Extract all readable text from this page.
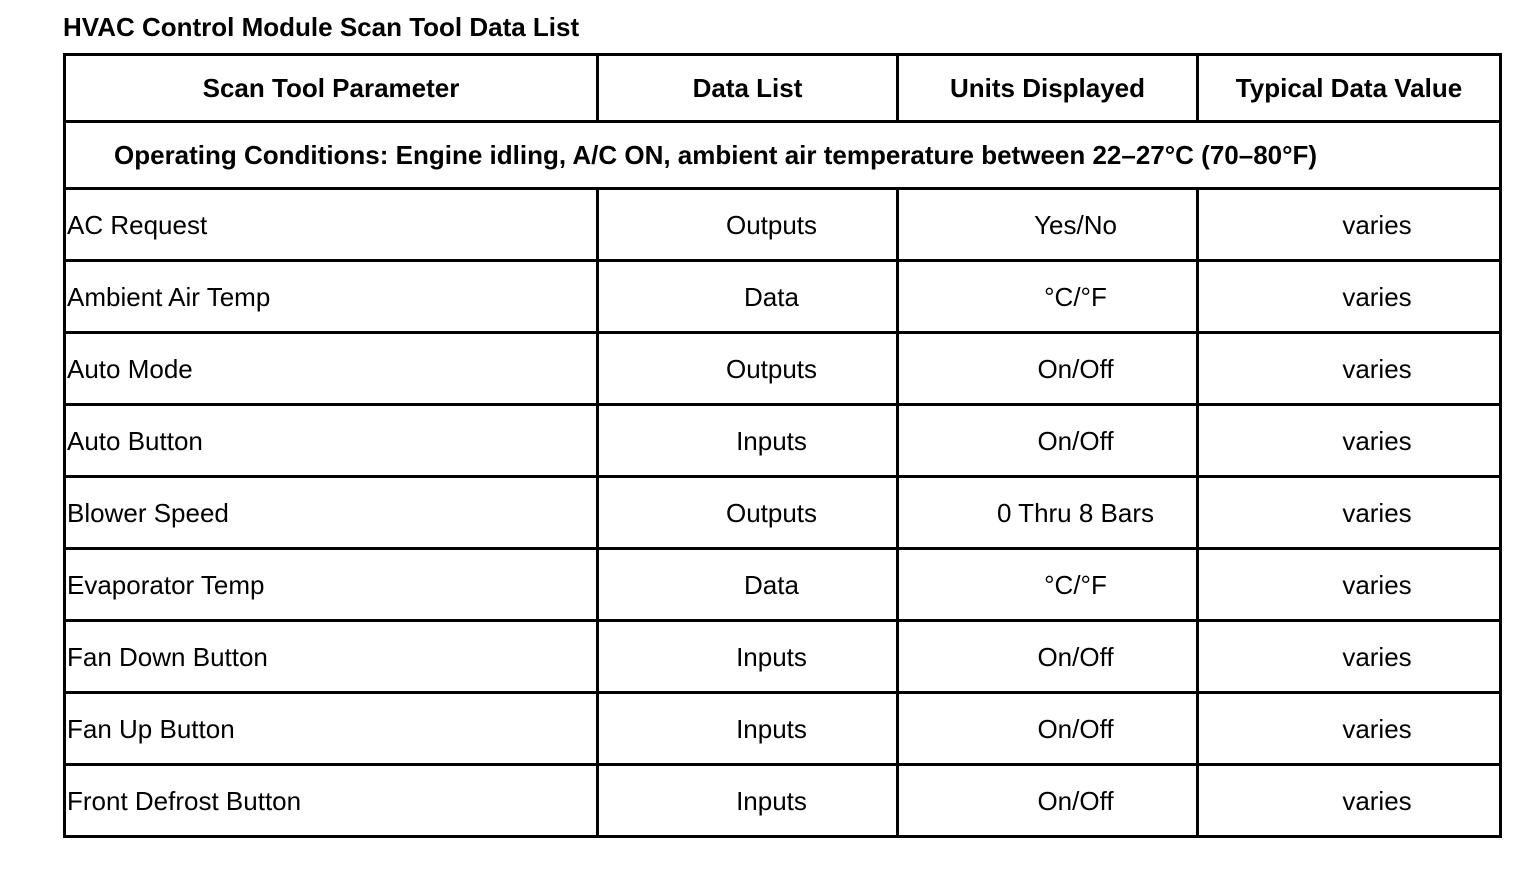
HVAC Control Module Scan Tool Data List
Scan Tool Parameter	Data List	Units Displayed	Typical Data Value
Operating Conditions: Engine idling, A/C ON, ambient air temperature between 22–27°C (70–80°F)			
AC Request	Outputs	Yes/No	varies
Ambient Air Temp	Data	°C/°F	varies
Auto Mode	Outputs	On/Off	varies
Auto Button	Inputs	On/Off	varies
Blower Speed	Outputs	0 Thru 8 Bars	varies
Evaporator Temp	Data	°C/°F	varies
Fan Down Button	Inputs	On/Off	varies
Fan Up Button	Inputs	On/Off	varies
Front Defrost Button	Inputs	On/Off	varies
